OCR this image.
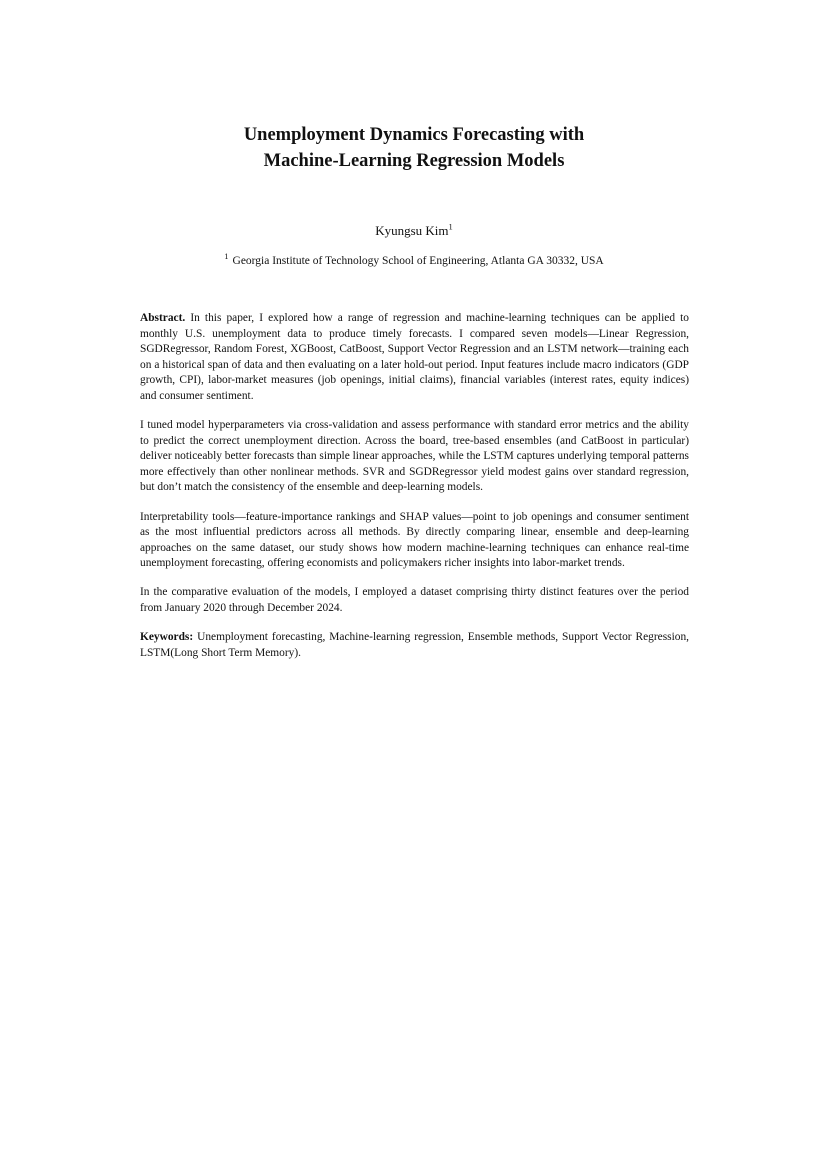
Unemployment Dynamics Forecasting with
Machine-Learning Regression Models
Kyungsu Kim$^1$
$^1$ Georgia Institute of Technology School of Engineering, Atlanta GA 30332, USA

Abstract. In this paper, I explored how a range of regression and machine-learning techniques can be applied to monthly U.S. unemployment data to produce timely forecasts. I compared seven models—Linear Regression, SGDRegressor, Random Forest, XGBoost, CatBoost, Support Vector Regression and an LSTM network—training each on a historical span of data and then evaluating on a later hold-out period. Input features include macro indicators (GDP growth, CPI), labor-market measures (job openings, initial claims), financial variables (interest rates, equity indices) and consumer sentiment.

I tuned model hyperparameters via cross-validation and assess performance with standard error metrics and the ability to predict the correct unemployment direction. Across the board, tree-based ensembles (and CatBoost in particular) deliver noticeably better forecasts than simple linear approaches, while the LSTM captures underlying temporal patterns more effectively than other nonlinear methods. SVR and SGDRegressor yield modest gains over standard regression, but don’t match the consistency of the ensemble and deep-learning models.

Interpretability tools—feature-importance rankings and SHAP values—point to job openings and consumer sentiment as the most influential predictors across all methods. By directly comparing linear, ensemble and deep-learning approaches on the same dataset, our study shows how modern machine-learning techniques can enhance real-time unemployment forecasting, offering economists and policymakers richer insights into labor-market trends.

In the comparative evaluation of the models, I employed a dataset comprising thirty distinct features over the period from January 2020 through December 2024.

Keywords: Unemployment forecasting, Machine-learning regression, Ensemble methods, Support Vector Regression, LSTM(Long Short Term Memory).
